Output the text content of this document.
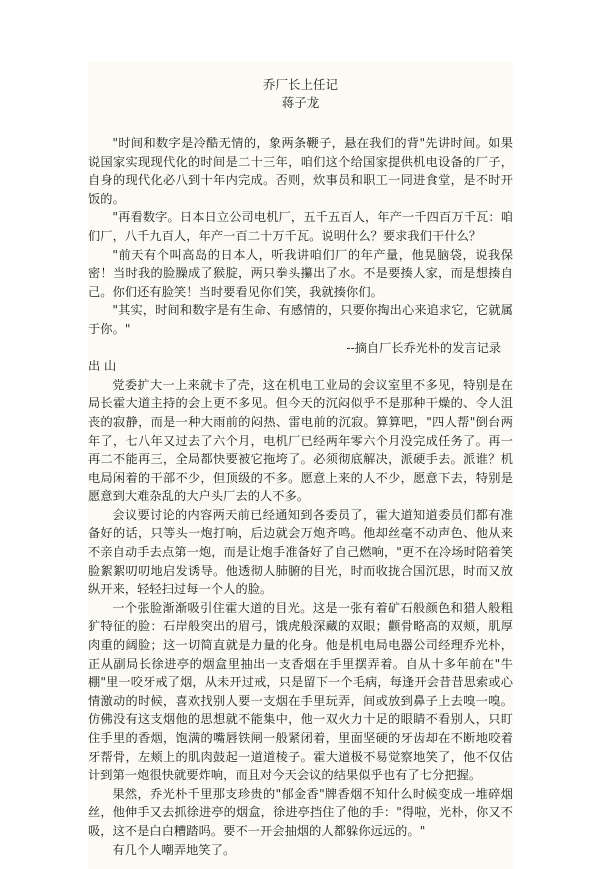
乔厂长上任记

蒋子龙

"时间和数字是冷酷无情的，象两条鞭子，悬在我们的背"先讲时间。如果说国家实现现代化的时间是二十三年，咱们这个给国家提供机电设备的厂子，自身的现代化必八到十年内完成。否则，炊事员和职工一同进食堂，是不时开饭的。

"再看数字。日本日立公司电机厂，五千五百人，年产一千四百万千瓦：咱们厂，八千九百人，年产一百二十万千瓦。说明什么？要求我们干什么？

"前天有个叫高岛的日本人，听我讲咱们厂的年产量，他晃脑袋，说我保密！当时我的脸臊成了猴腚，两只拳头攥出了水。不是要揍人家，而是想揍自己。你们还有脸笑！当时要看见你们笑，我就揍你们。

"其实，时间和数字是有生命、有感情的，只要你掏出心来追求它，它就属于你。"

--摘自厂长乔光朴的发言记录

出 山

党委扩大一上来就卡了壳，这在机电工业局的会议室里不多见，特别是在局长霍大道主持的会上更不多见。但今天的沉闷似乎不是那种干燥的、令人沮丧的寂静，而是一种大雨前的闷热、雷电前的沉寂。算算吧，"四人帮"倒台两年了，七八年又过去了六个月，电机厂已经两年零六个月没完成任务了。再一再二不能再三，全局都快要被它拖垮了。必须彻底解决，派硬手去。派谁？机电局闲着的干部不少，但顶级的不多。愿意上来的人不少，愿意下去，特别是愿意到大难杂乱的大户头厂去的人不多。

会议要讨论的内容两天前已经通知到各委员了，霍大道知道委员们都有准备好的话，只等头一炮打响，后边就会万炮齐鸣。他却丝毫不动声色、他从来不亲自动手去点第一炮，而是让炮手准备好了自己燃响，"更不在冷场时陪着笑脸絮絮叨叨地启发诱导。他透彻人肺腑的目光，时而收拢合国沉思，时而又放纵开来，轻轻扫过每一个人的脸。

一个张脸渐渐吸引住霍大道的目光。这是一张有着矿石般颜色和猎人般粗犷特征的脸：石岸般突出的眉弓，饿虎般深藏的双眼；颧骨略高的双颊，肌厚肉重的阔脸；这一切简直就是力量的化身。他是机电局电器公司经理乔光朴，正从副局长徐进亭的烟盒里抽出一支香烟在手里摆弄着。自从十多年前在"牛棚"里一咬牙戒了烟，从未开过戒，只是留下一个毛病，每逢开会昔昔思索或心情激动的时候，喜欢找别人要一支烟在手里玩弄，间或放到鼻子上去嗅一嗅。仿佛没有这支烟他的思想就不能集中，他一双火力十足的眼睛不看别人，只盯住手里的香烟，饱满的嘴唇铁闸一般紧闭着，里面坚硬的牙齿却在不断地咬着牙帮骨，左颊上的肌肉鼓起一道道棱子。霍大道极不易觉察地笑了，他不仅估计到第一炮很快就要炸响，而且对今天会议的结果似乎也有了七分把握。

果然，乔光朴千里那支珍贵的"郁金香"牌香烟不知什么时候变成一堆碎烟丝，他伸手又去抓徐进亭的烟盒，徐进亭挡住了他的手："得啦，光朴，你又不吸，这不是白白糟踏吗。要不一开会抽烟的人都躲你远远的。"

有几个人嘲弄地笑了。
